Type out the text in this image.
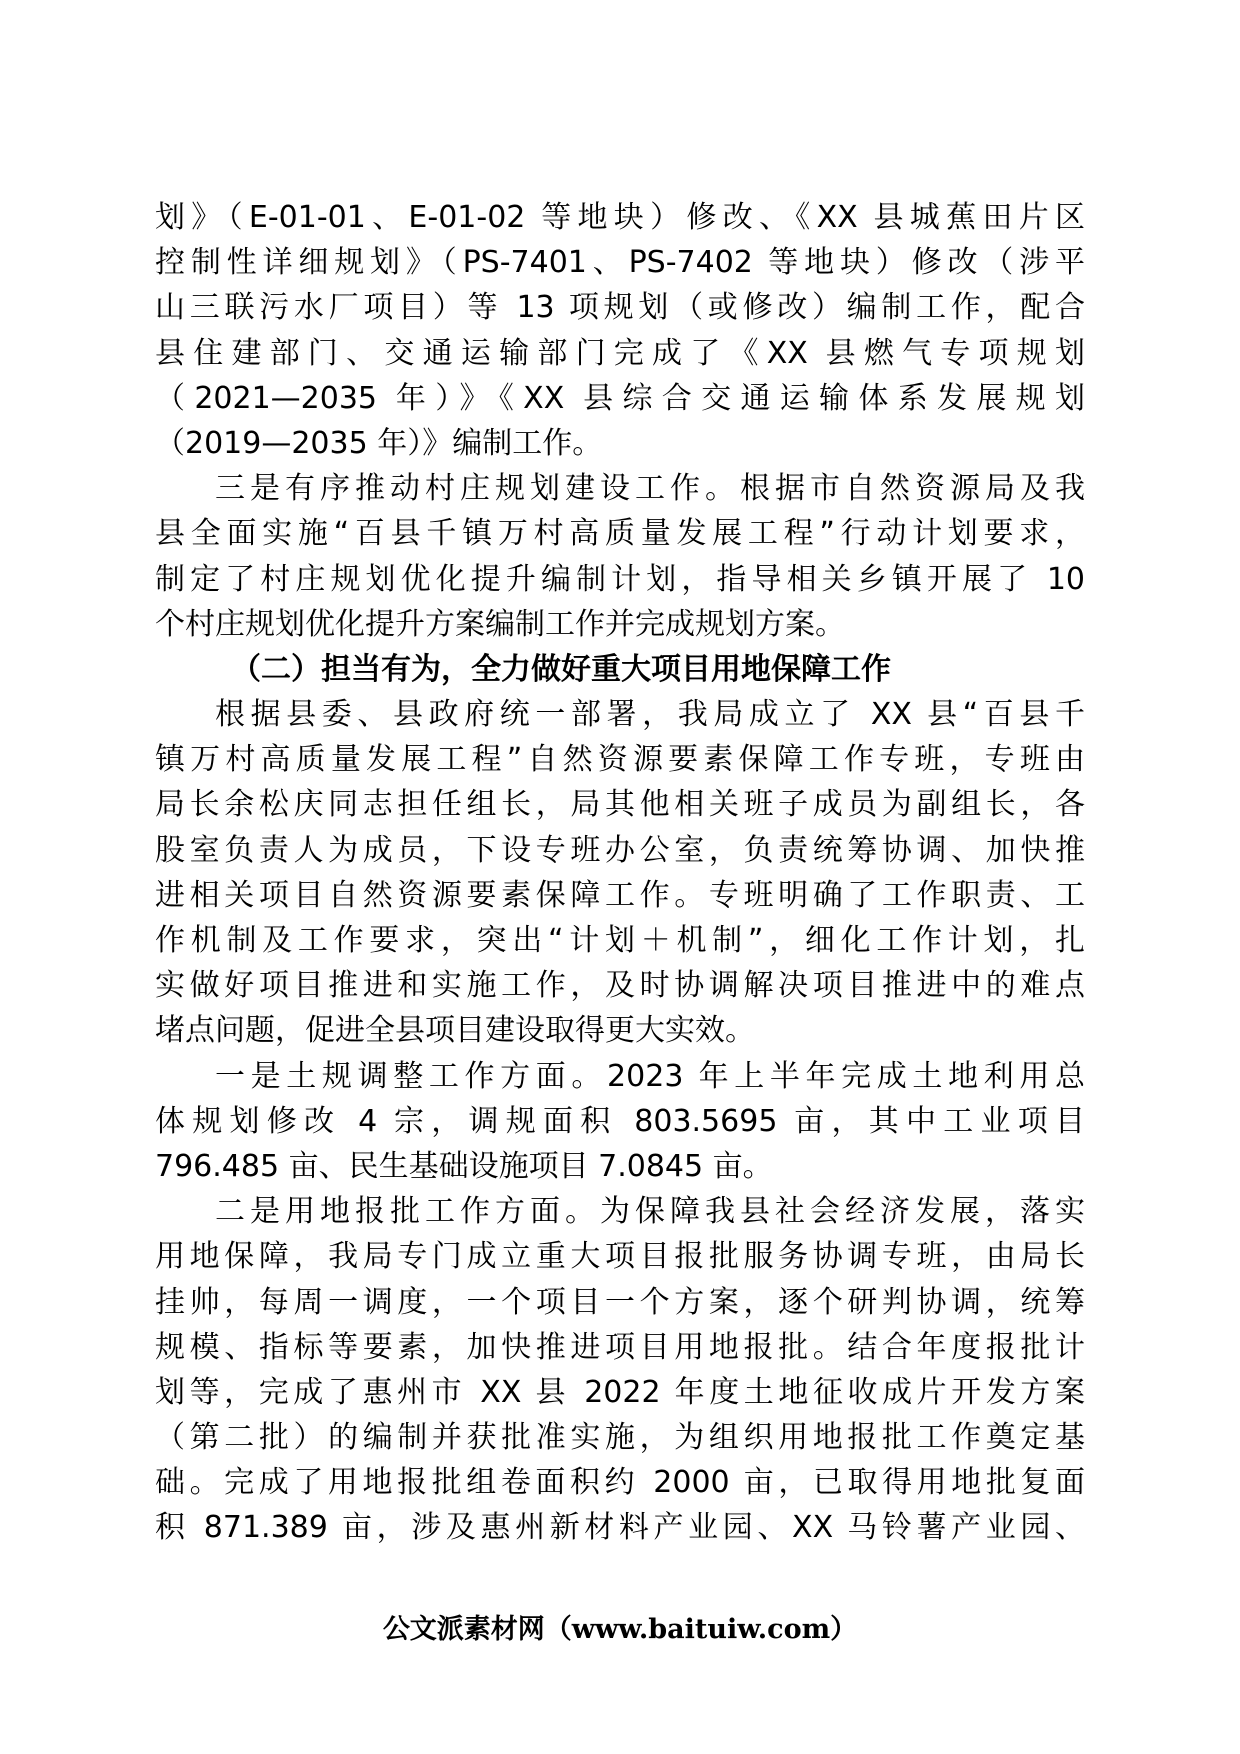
划》（E-01-01、E-01-02 等地块）修改、《XX 县城蕉田片区
控制性详细规划》（PS-7401、PS-7402 等地块）修改（涉平
山三联污水厂项目）等 13 项规划（或修改）编制工作，配合
县住建部门、交通运输部门完成了《XX 县燃气专项规划
（2021—2035 年）》《XX 县综合交通运输体系发展规划
（2019—2035 年）》编制工作。
三是有序推动村庄规划建设工作。根据市自然资源局及我
县全面实施“百县千镇万村高质量发展工程”行动计划要求，
制定了村庄规划优化提升编制计划，指导相关乡镇开展了 10
个村庄规划优化提升方案编制工作并完成规划方案。
（二）担当有为，全力做好重大项目用地保障工作
根据县委、县政府统一部署，我局成立了 XX 县“百县千
镇万村高质量发展工程”自然资源要素保障工作专班，专班由
局长余松庆同志担任组长，局其他相关班子成员为副组长，各
股室负责人为成员，下设专班办公室，负责统筹协调、加快推
进相关项目自然资源要素保障工作。专班明确了工作职责、工
作机制及工作要求，突出“计划＋机制”，细化工作计划，扎
实做好项目推进和实施工作，及时协调解决项目推进中的难点
堵点问题，促进全县项目建设取得更大实效。
一是土规调整工作方面。2023 年上半年完成土地利用总
体规划修改 4 宗，调规面积 803.5695 亩，其中工业项目
796.485 亩、民生基础设施项目 7.0845 亩。
二是用地报批工作方面。为保障我县社会经济发展，落实
用地保障，我局专门成立重大项目报批服务协调专班，由局长
挂帅，每周一调度，一个项目一个方案，逐个研判协调，统筹
规模、指标等要素，加快推进项目用地报批。结合年度报批计
划等，完成了惠州市 XX 县 2022 年度土地征收成片开发方案
（第二批）的编制并获批准实施，为组织用地报批工作奠定基
础。完成了用地报批组卷面积约 2000 亩，已取得用地批复面
积 871.389 亩，涉及惠州新材料产业园、XX 马铃薯产业园、
公文派素材网（www.baituiw.com）
